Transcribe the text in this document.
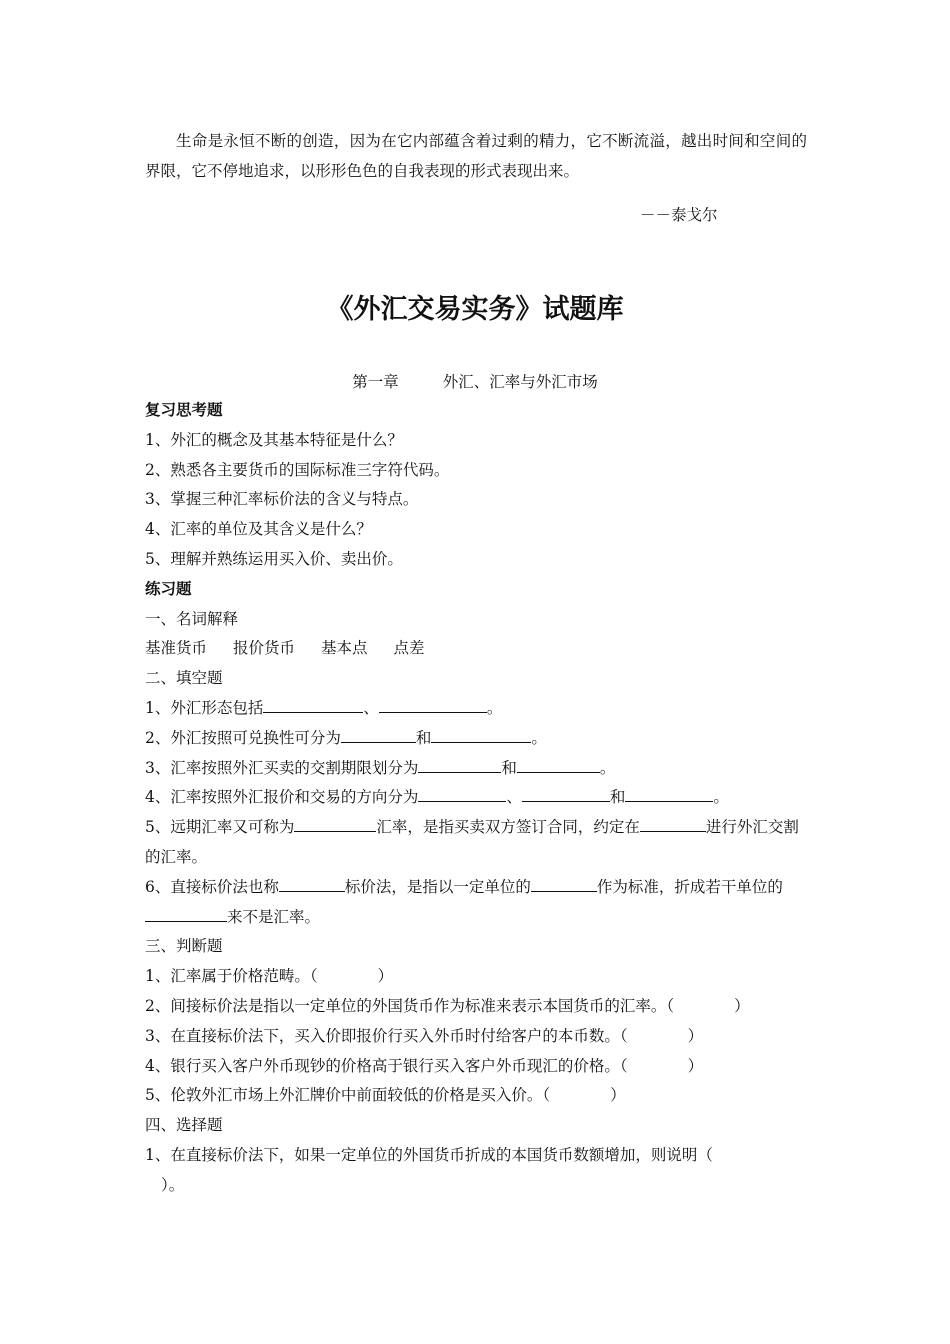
生命是永恒不断的创造，因为在它内部蕴含着过剩的精力，它不断流溢，越出时间和空间的界限，它不停地追求，以形形色色的自我表现的形式表现出来。
－－泰戈尔
《外汇交易实务》试题库
第一章	外汇、汇率与外汇市场
复习思考题
1、外汇的概念及其基本特征是什么？
2、熟悉各主要货币的国际标准三字符代码。
3、掌握三种汇率标价法的含义与特点。
4、汇率的单位及其含义是什么？
5、理解并熟练运用买入价、卖出价。
练习题
一、名词解释
基准货币 报价货币 基本点 点差
二、填空题
1、外汇形态包括	、	。
2、外汇按照可兑换性可分为	和	。
3、汇率按照外汇买卖的交割期限划分为	和	。
4、汇率按照外汇报价和交易的方向分为	、	和	。
5、远期汇率又可称为	汇率，是指买卖双方签订合同，约定在	进行外汇交割的汇率。
6、直接标价法也称	标价法，是指以一定单位的	作为标准，折成若干单位的来不是汇率。
三、判断题
1、汇率属于价格范畴。（	）
2、间接标价法是指以一定单位的外国货币作为标准来表示本国货币的汇率。（	）
3、在直接标价法下，买入价即报价行买入外币时付给客户的本币数。（	）
4、银行买入客户外币现钞的价格高于银行买入客户外币现汇的价格。（	）
5、伦敦外汇市场上外汇牌价中前面较低的价格是买入价。（	）
四、选择题
1、在直接标价法下，如果一定单位的外国货币折成的本国货币数额增加，则说明（
）。
